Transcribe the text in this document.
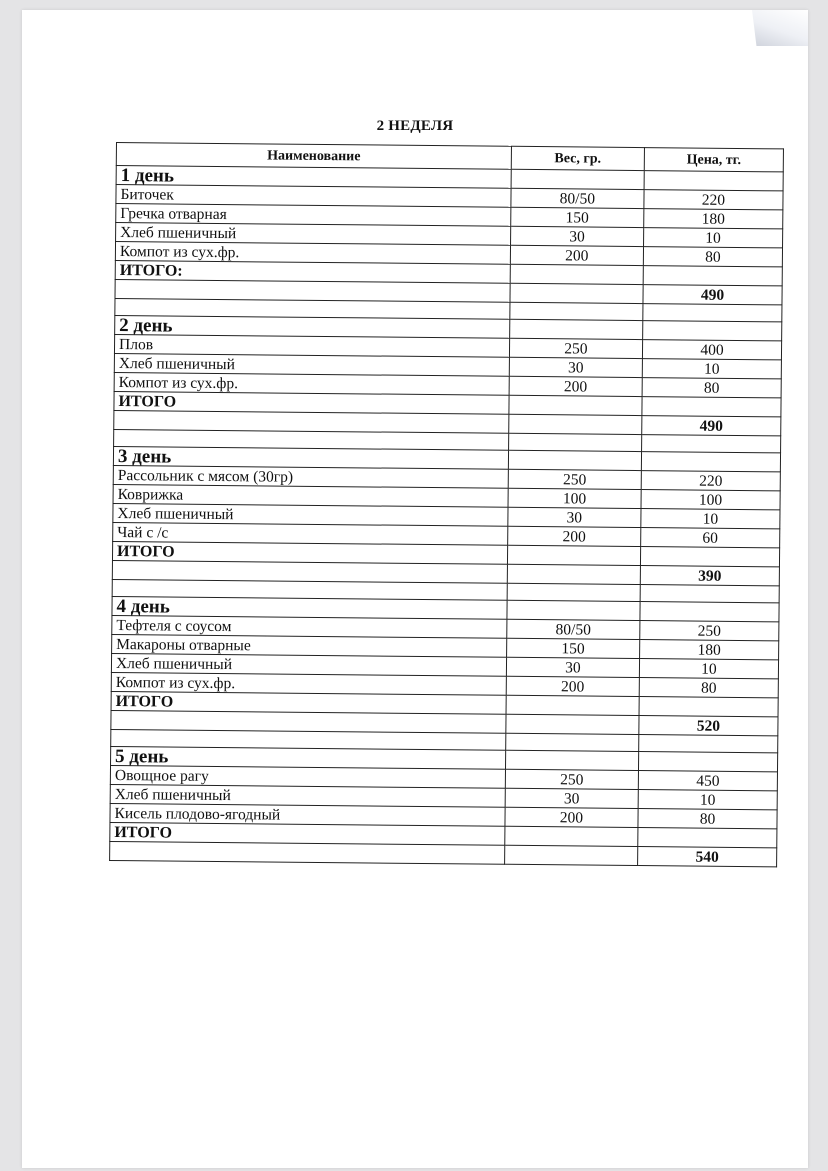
2 НЕДЕЛЯ
Наименование	Вес, гр.	Цена, тг.
1 день		
Биточек	80/50	220
Гречка отварная	150	180
Хлеб пшеничный	30	10
Компот из сух.фр.	200	80
ИТОГО:		
		490

2 день		
Плов	250	400
Хлеб пшеничный	30	10
Компот из сух.фр.	200	80
ИТОГО		
		490

3 день		
Рассольник с мясом (30гр)	250	220
Коврижка	100	100
Хлеб пшеничный	30	10
Чай с /с	200	60
ИТОГО		
		390

4 день		
Тефтеля с соусом	80/50	250
Макароны отварные	150	180
Хлеб пшеничный	30	10
Компот из сух.фр.	200	80
ИТОГО		
		520

5 день		
Овощное рагу	250	450
Хлеб пшеничный	30	10
Кисель плодово-ягодный	200	80
ИТОГО		
		540
